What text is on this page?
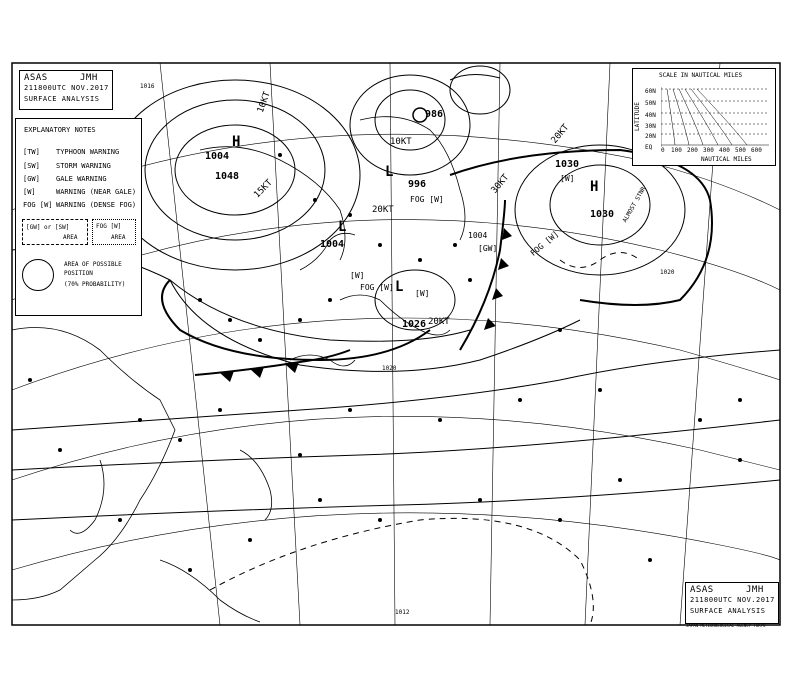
ASAS	JMH
211800UTC NOV.2017
SURFACE ANALYSIS
EXPLANATORY NOTES
[TW] TYPHOON WARNING
[SW] STORM WARNING
[GW] GALE WARNING
[W]	WARNING (NEAR GALE)
FOG [W] WARNING (DENSE FOG)
[GW] or [SW]
AREA
FOG [W]
AREA
AREA OF POSSIBLE
POSITION
(70% PROBABILITY)
SCALE IN NAUTICAL MILES
LATITUDE
60N
50N
40N
30N
20N
EQ 0 100 200 300 400 500 600
NAUTICAL MILES
ASAS	JMH
211800UTC NOV.2017
SURFACE ANALYSIS
JAPAN METEOROLOGICAL AGENCY TOKYO
1004
1048
1004
996
986
1030
1030
1026
1004
1020
1020
1016
1012
20KT
20KT
30KT
15KT
10KT	20KT
10KT
FOG [W]
FOG [W]
FOG [W]
[GW]
[W]
[W]
[W]
H
H
L
L
L
ALMOST STNR
